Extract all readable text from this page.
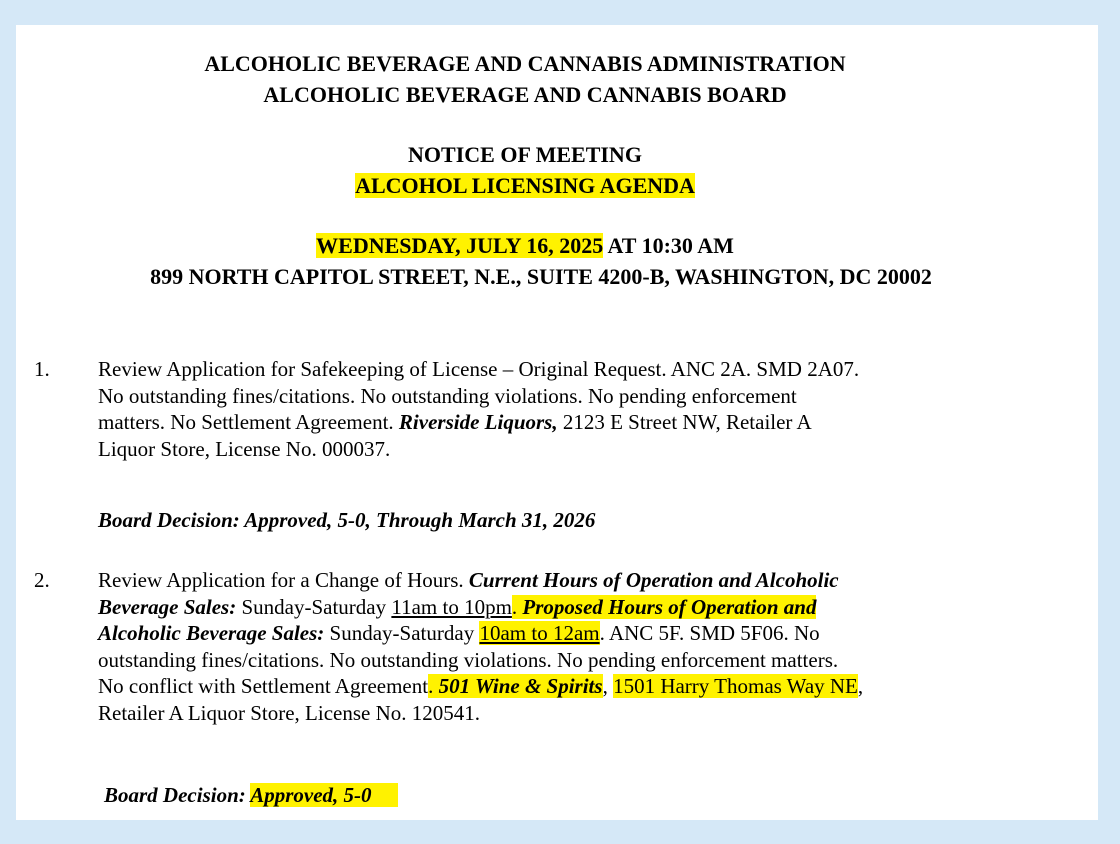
ALCOHOLIC BEVERAGE AND CANNABIS ADMINISTRATION
ALCOHOLIC BEVERAGE AND CANNABIS BOARD
NOTICE OF MEETING
ALCOHOL LICENSING AGENDA
WEDNESDAY, JULY 16, 2025 AT 10:30 AM
899 NORTH CAPITOL STREET, N.E., SUITE 4200-B, WASHINGTON, DC 20002
1. Review Application for Safekeeping of License – Original Request. ANC 2A. SMD 2A07.
No outstanding fines/citations. No outstanding violations. No pending enforcement
matters. No Settlement Agreement. Riverside Liquors, 2123 E Street NW, Retailer A
Liquor Store, License No. 000037.
Board Decision: Approved, 5-0, Through March 31, 2026
2. Review Application for a Change of Hours. Current Hours of Operation and Alcoholic
Beverage Sales: Sunday-Saturday 11am to 10pm. Proposed Hours of Operation and
Alcoholic Beverage Sales: Sunday-Saturday 10am to 12am. ANC 5F. SMD 5F06. No
outstanding fines/citations. No outstanding violations. No pending enforcement matters.
No conflict with Settlement Agreement. 501 Wine & Spirits, 1501 Harry Thomas Way NE,
Retailer A Liquor Store, License No. 120541.
Board Decision: Approved, 5-0
